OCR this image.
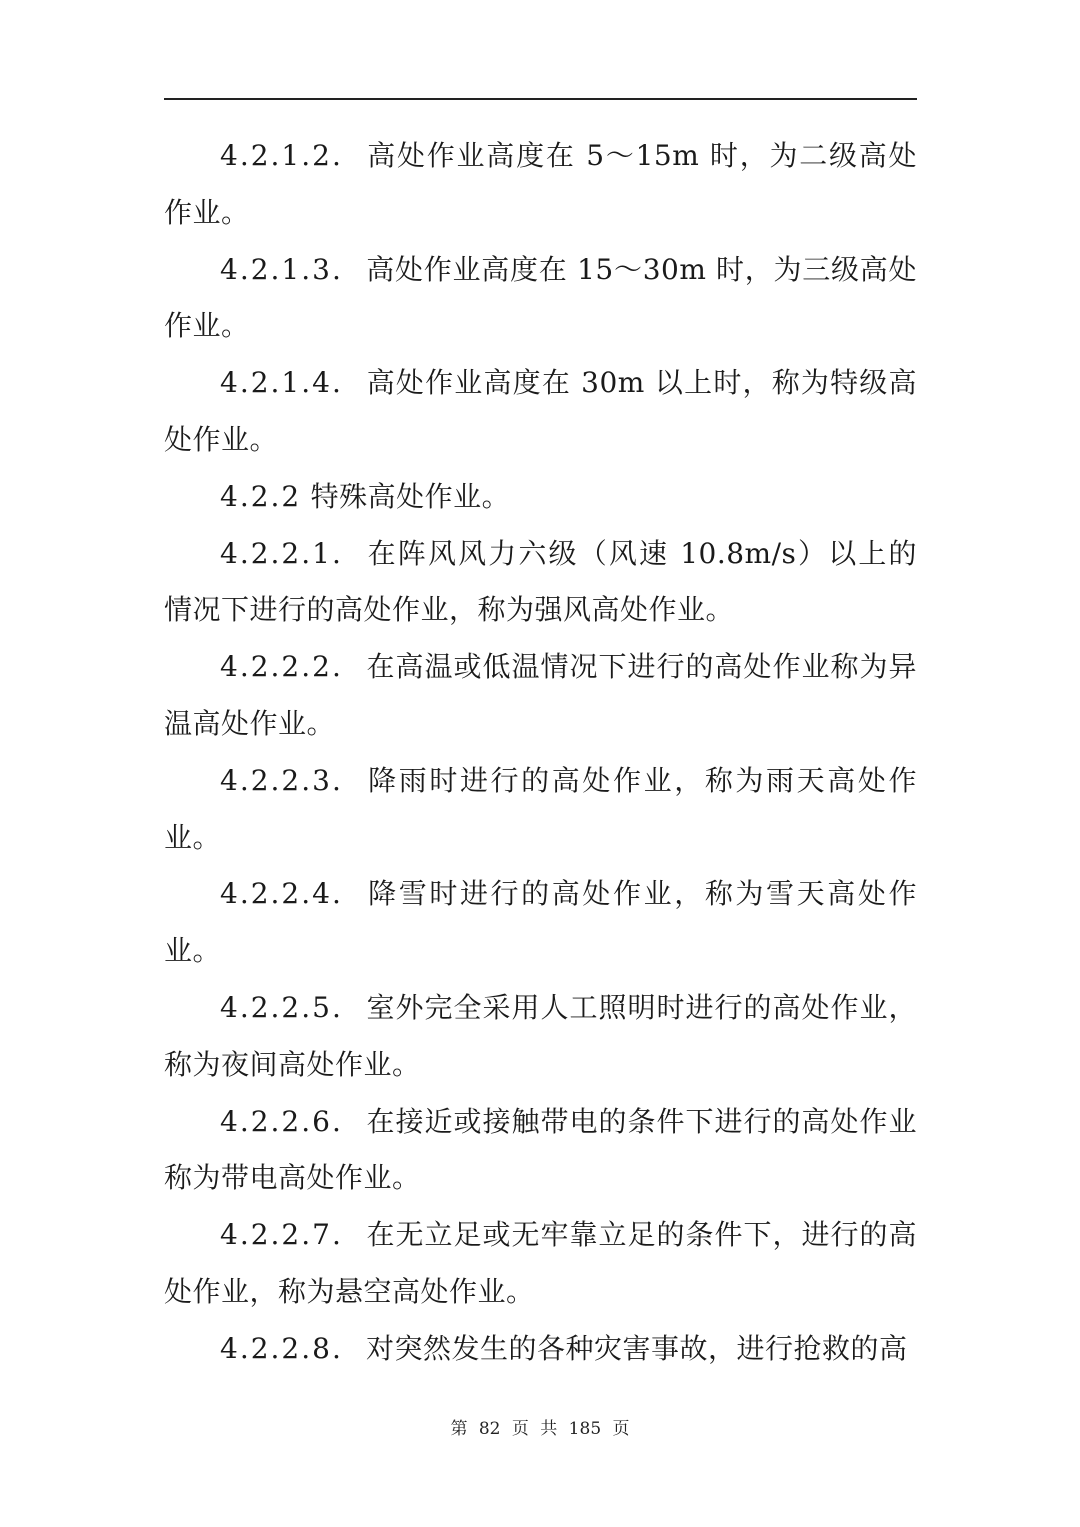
4.2.1.2. 高处作业高度在 5～15m 时，为二级高处作业。

4.2.1.3. 高处作业高度在 15～30m 时，为三级高处作业。

4.2.1.4. 高处作业高度在 30m 以上时，称为特级高处作业。

4.2.2 特殊高处作业。

4.2.2.1. 在阵风风力六级（风速 10.8m/s）以上的情况下进行的高处作业，称为强风高处作业。

4.2.2.2. 在高温或低温情况下进行的高处作业称为异温高处作业。

4.2.2.3. 降雨时进行的高处作业，称为雨天高处作业。

4.2.2.4. 降雪时进行的高处作业，称为雪天高处作业。

4.2.2.5. 室外完全采用人工照明时进行的高处作业，称为夜间高处作业。

4.2.2.6. 在接近或接触带电的条件下进行的高处作业称为带电高处作业。

4.2.2.7. 在无立足或无牢靠立足的条件下，进行的高处作业，称为悬空高处作业。

4.2.2.8. 对突然发生的各种灾害事故，进行抢救的高

第 82 页 共 185 页
